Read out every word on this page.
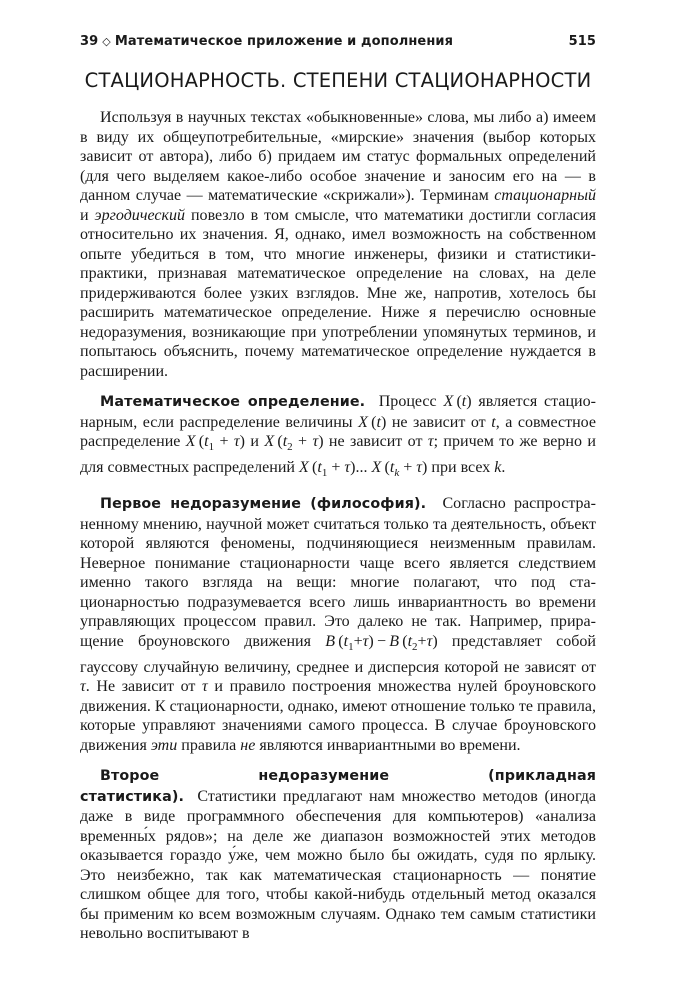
39 ◇ Математическое приложение и дополнения	515
СТАЦИОНАРНОСТЬ. СТЕПЕНИ СТАЦИОНАРНОСТИ

Используя в научных текстах «обыкновенные» слова, мы либо а) имеем в виду их общеупотребительные, «мирские» значения (выбор которых зависит от автора), либо б) придаем им статус формальных определений (для чего выделяем какое-либо особое значение и заносим его на — в данном случае — математические «скрижали»). Терминам стационарный и эргодический повезло в том смысле, что математики достигли согласия относительно их значения. Я, однако, имел возможность на собственном опыте убедиться в том, что многие инженеры, физики и статистики-практики, признавая математическое определение на словах, на деле придерживаются более узких взглядов. Мне же, напротив, хотелось бы расширить математическое определение. Ниже я перечислю основные недоразумения, возникающие при употреблении упомянутых терминов, и попытаюсь объяснить, почему математическое определение нуждается в расширении.

Математическое определение. Процесс X (t) является стационарным, если распределение величины X (t) не зависит от t, а совместное распределение X $(t_1 + \tau)$ и X $(t_2 + \tau)$ не зависит от τ; причем то же верно и для совместных распределений X $(t_1 + \tau)$... X $(t_k + \tau)$ при всех k.

Первое недоразумение (философия). Согласно распространенному мнению, научной может считаться только та деятельность, объект которой являются феномены, подчиняющиеся неизменным правилам. Неверное понимание стационарности чаще всего является следствием именно такого взгляда на вещи: многие полагают, что под стационарностью подразумевается всего лишь инвариантность во времени управляющих процессом правил. Это далеко не так. Например, приращение броуновского движения B $(t_1+\tau) - B$ $(t_2+\tau)$ представляет собой гауссову случайную величину, среднее и дисперсия которой не зависят от τ. Не зависит от τ и правило построения множества нулей броуновского движения. К стационарности, однако, имеют отношение только те правила, которые управляют значениями самого процесса. В случае броуновского движения эти правила не являются инвариантными во времени.

Второе недоразумение (прикладная статистика). Статистики предлагают нам множество методов (иногда даже в виде программного обеспечения для компьютеров) «анализа временны́х рядов»; на деле же диапазон возможностей этих методов оказывается гораздо у́же, чем можно было бы ожидать, судя по ярлыку. Это неизбежно, так как математическая стационарность — понятие слишком общее для того, чтобы какой-нибудь отдельный метод оказался бы применим ко всем возможным случаям. Однако тем самым статистики невольно воспитывают в
